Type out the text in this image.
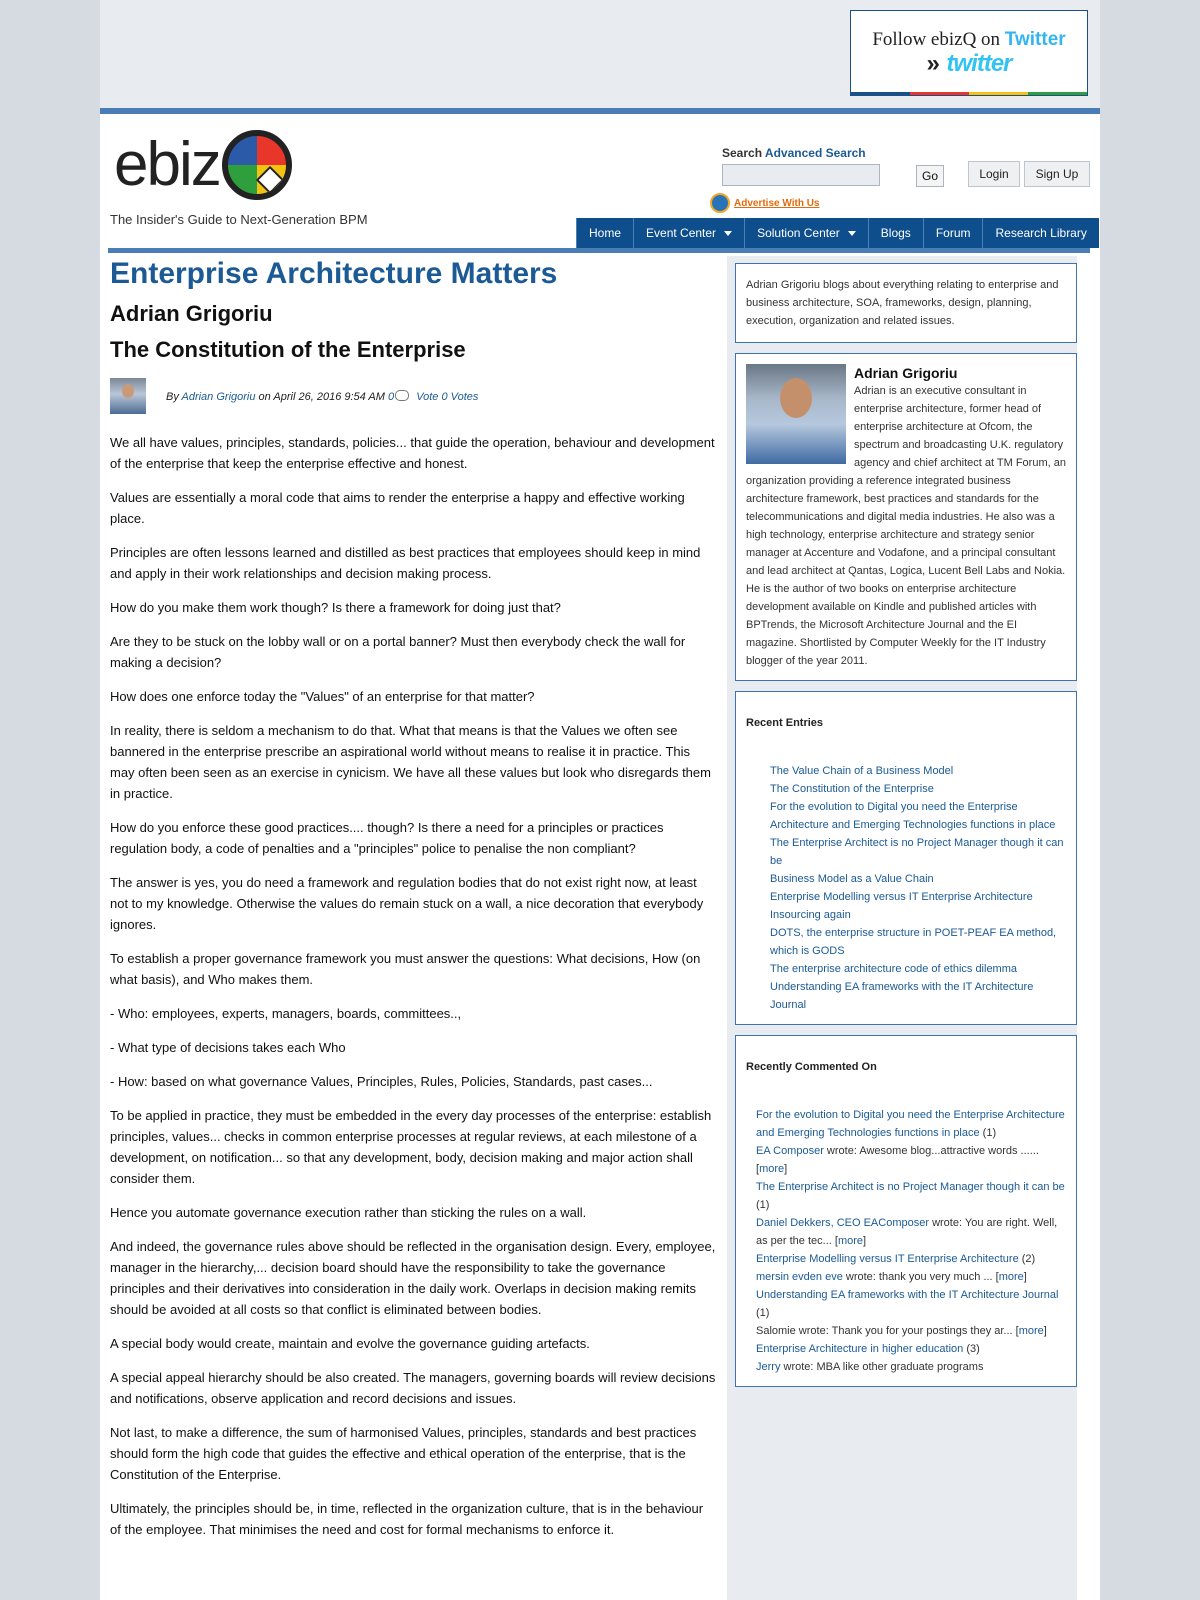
Follow ebizQ on Twitter
» twitter
ebiz
The Insider's Guide to Next-Generation BPM
Search Advanced Search
Go	Login	Sign Up
Advertise With Us
Home Event Center	Solution Center	Blogs Forum Research Library
Enterprise Architecture Matters
Adrian Grigoriu
The Constitution of the Enterprise
By Adrian Grigoriu on April 26, 2016 9:54 AM 0 Vote 0 Votes

We all have values, principles, standards, policies... that guide the operation, behaviour and development of the enterprise that keep the enterprise effective and honest.

Values are essentially a moral code that aims to render the enterprise a happy and effective working place.

Principles are often lessons learned and distilled as best practices that employees should keep in mind and apply in their work relationships and decision making process.

How do you make them work though? Is there a framework for doing just that?

Are they to be stuck on the lobby wall or on a portal banner? Must then everybody check the wall for making a decision?

How does one enforce today the "Values" of an enterprise for that matter?

In reality, there is seldom a mechanism to do that. What that means is that the Values we often see bannered in the enterprise prescribe an aspirational world without means to realise it in practice. This may often been seen as an exercise in cynicism. We have all these values but look who disregards them in practice.

How do you enforce these good practices.... though? Is there a need for a principles or practices regulation body, a code of penalties and a "principles" police to penalise the non compliant?

The answer is yes, you do need a framework and regulation bodies that do not exist right now, at least not to my knowledge. Otherwise the values do remain stuck on a wall, a nice decoration that everybody ignores.

To establish a proper governance framework you must answer the questions: What decisions, How (on what basis), and Who makes them.

- Who: employees, experts, managers, boards, committees..,

- What type of decisions takes each Who

- How: based on what governance Values, Principles, Rules, Policies, Standards, past cases...

To be applied in practice, they must be embedded in the every day processes of the enterprise: establish principles, values... checks in common enterprise processes at regular reviews, at each milestone of a development, on notification... so that any development, body, decision making and major action shall consider them.

Hence you automate governance execution rather than sticking the rules on a wall.

And indeed, the governance rules above should be reflected in the organisation design. Every, employee, manager in the hierarchy,... decision board should have the responsibility to take the governance principles and their derivatives into consideration in the daily work. Overlaps in decision making remits should be avoided at all costs so that conflict is eliminated between bodies.

A special body would create, maintain and evolve the governance guiding artefacts.

A special appeal hierarchy should be also created. The managers, governing boards will review decisions and notifications, observe application and record decisions and issues.

Not last, to make a difference, the sum of harmonised Values, principles, standards and best practices should form the high code that guides the effective and ethical operation of the enterprise, that is the Constitution of the Enterprise.

Ultimately, the principles should be, in time, reflected in the organization culture, that is in the behaviour of the employee. That minimises the need and cost for formal mechanisms to enforce it.

Adrian Grigoriu blogs about everything relating to enterprise and business architecture, SOA, frameworks, design, planning, execution, organization and related issues.
Adrian Grigoriu
Adrian is an executive consultant in enterprise architecture, former head of enterprise architecture at Ofcom, the spectrum and broadcasting U.K. regulatory agency and chief architect at TM Forum, an organization providing a reference integrated business architecture framework, best practices and standards for the telecommunications and digital media industries. He also was a high technology, enterprise architecture and strategy senior manager at Accenture and Vodafone, and a principal consultant and lead architect at Qantas, Logica, Lucent Bell Labs and Nokia. He is the author of two books on enterprise architecture development available on Kindle and published articles with BPTrends, the Microsoft Architecture Journal and the EI magazine. Shortlisted by Computer Weekly for the IT Industry blogger of the year 2011.
Recent Entries
The Value Chain of a Business Model
The Constitution of the Enterprise
For the evolution to Digital you need the Enterprise Architecture and Emerging Technologies functions in place
The Enterprise Architect is no Project Manager though it can be
Business Model as a Value Chain
Enterprise Modelling versus IT Enterprise Architecture
Insourcing again
DOTS, the enterprise structure in POET-PEAF EA method, which is GODS
The enterprise architecture code of ethics dilemma
Understanding EA frameworks with the IT Architecture Journal
Recently Commented On
For the evolution to Digital you need the Enterprise Architecture and Emerging Technologies functions in place (1)
EA Composer wrote: Awesome blog...attractive words ...... [more]
The Enterprise Architect is no Project Manager though it can be (1)
Daniel Dekkers, CEO EAComposer wrote: You are right. Well, as per the tec... [more]
Enterprise Modelling versus IT Enterprise Architecture (2)
mersin evden eve wrote: thank you very much ... [more]
Understanding EA frameworks with the IT Architecture Journal (1)
Salomie wrote: Thank you for your postings they ar... [more]
Enterprise Architecture in higher education (3)
Jerry wrote: MBA like other graduate programs
